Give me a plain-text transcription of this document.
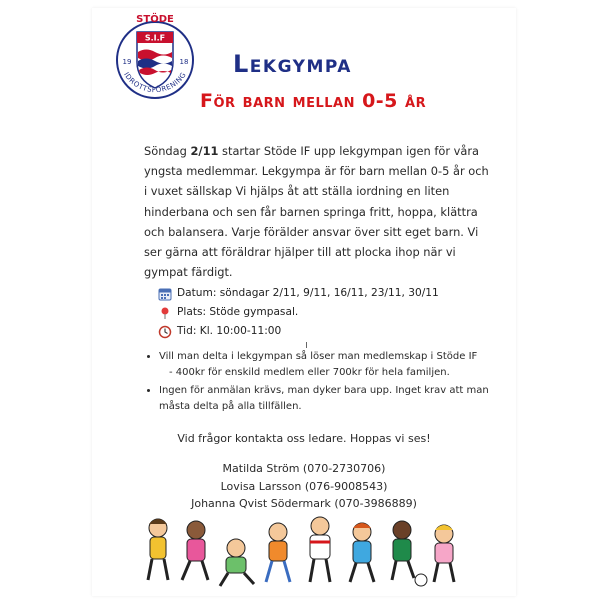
STÖDE
S.I.F
19	18
IDROTTSFÖRENING Lekgympa
För barn mellan 0-5 år

Söndag 2/11 startar Stöde IF upp lekgympan igen för våra yngsta medlemmar. Lekgympa är för barn mellan 0-5 år och i vuxet sällskap Vi hjälps åt att ställa iordning en liten hinderbana och sen får barnen springa fritt, hoppa, klättra och balansera. Varje förälder ansvar över sitt eget barn. Vi ser gärna att föräldrar hjälper till att plocka ihop när vi gympat färdigt.

Datum: söndagar 2/11, 9/11, 16/11, 23/11, 30/11
Plats: Stöde gympasal.
Tid: Kl. 10:00-11:00
• Vill man delta i lekgympan så löser man medlemskap i Stöde IF
- 400kr för enskild medlem eller 700kr för hela familjen.
• Ingen för anmälan krävs, man dyker bara upp. Inget krav att man måsta delta på alla tillfällen.
Vid frågor kontakta oss ledare. Hoppas vi ses!
Matilda Ström (070-2730706)
Lovisa Larsson (076-9008543)
Johanna Qvist Södermark (070-3986889)
